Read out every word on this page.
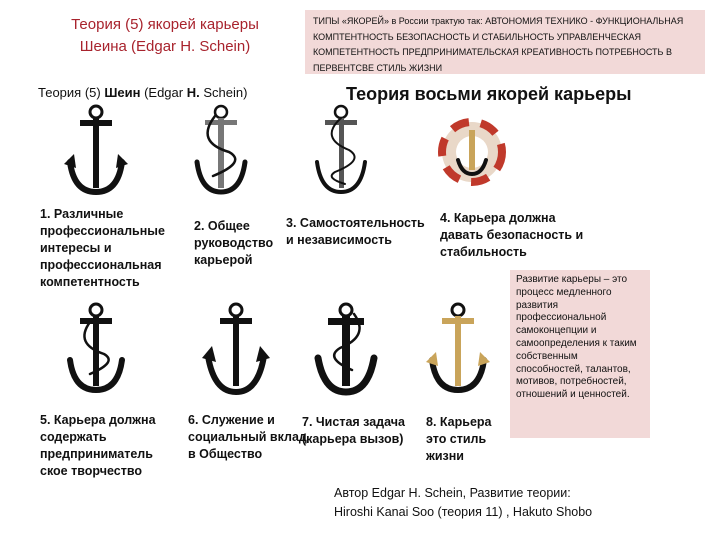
Теория (5) якорей карьеры
Шеина (Edgar H. Schein)
ТИПЫ «ЯКОРЕЙ» в России трактую так: АВТОНОМИЯ ТЕХНИКО - ФУНКЦИОНАЛЬНАЯ КОМПТЕНТНОСТЬ БЕЗОПАСНОСТЬ И СТАБИЛЬНОСТЬ УПРАВЛЕНЧЕСКАЯ КОМПЕТЕНТНОСТЬ ПРЕДПРИНИМАТЕЛЬСКАЯ КРЕАТИВНОСТЬ ПОТРЕБНОСТЬ В ПЕРВЕНТСВЕ СТИЛЬ ЖИЗНИ
Теория (5) Шеин (Edgar H. Schein)	Теория восьми якорей карьеры
1. Различные профессиональные интересы и профессиональная компетентность
2. Общее руководство карьерой
3. Самостоятельность и независимость
4. Карьера должна давать безопасность и стабильность
5. Карьера должна содержать предприниматель ское творчество
6. Служение и социальный вклад в Общество
7. Чистая задача (карьера вызов)
8. Карьера это стиль жизни
Развитие карьеры – это процесс медленного развития профессиональной самоконцепции и самоопределения к таким собственным способностей, талантов, мотивов, потребностей, отношений и ценностей.
Автор Edgar H. Schein, Развитие теории:
Hiroshi Kanai Soo (теория 11) , Hakuto Shobo
